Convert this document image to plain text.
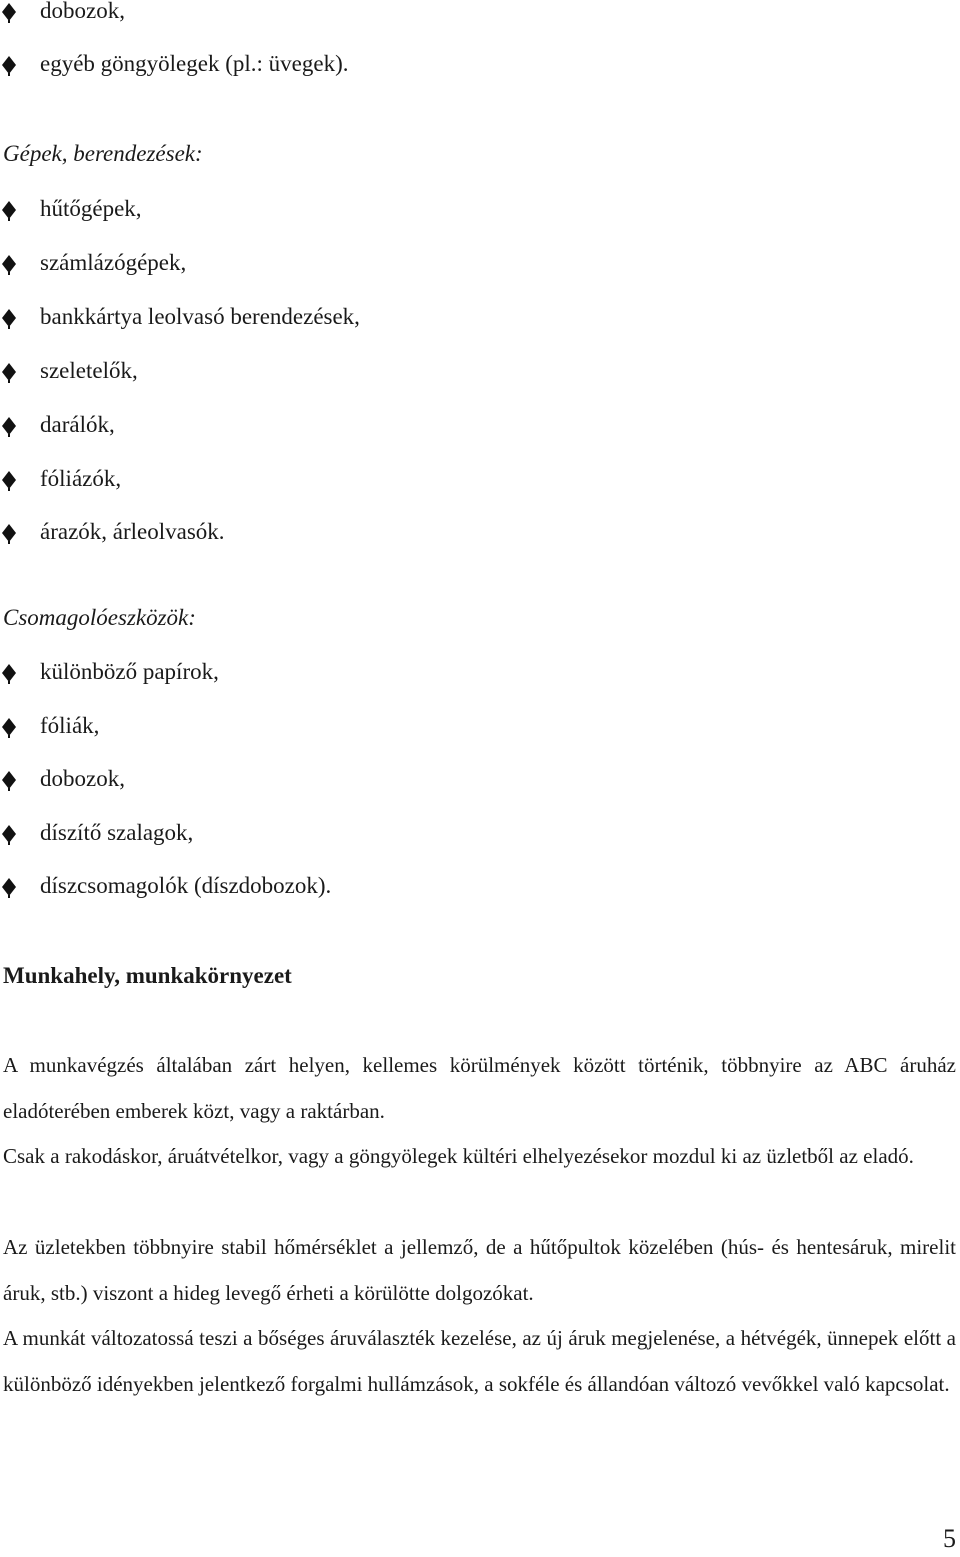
dobozok,
egyéb göngyölegek (pl.: üvegek).
Gépek, berendezések:
hűtőgépek,
számlázógépek,
bankkártya leolvasó berendezések,
szeletelők,
darálók,
fóliázók,
árazók, árleolvasók.
Csomagolóeszközök:
különböző papírok,
fóliák,
dobozok,
díszítő szalagok,
díszcsomagolók (díszdobozok).
Munkahely, munkakörnyezet
A munkavégzés általában zárt helyen, kellemes körülmények között történik, többnyire az ABC áruház eladóterében emberek közt, vagy a raktárban.
Csak a rakodáskor, áruátvételkor, vagy a göngyölegek kültéri elhelyezésekor mozdul ki az üzletből az eladó.
Az üzletekben többnyire stabil hőmérséklet a jellemző, de a hűtőpultok közelében (hús- és hentesáruk, mirelit áruk, stb.) viszont a hideg levegő érheti a körülötte dolgozókat.
A munkát változatossá teszi a bőséges áruválaszték kezelése, az új áruk megjelenése, a hétvégék, ünnepek előtt a különböző idényekben jelentkező forgalmi hullámzások, a sokféle és állandóan változó vevőkkel való kapcsolat.
5
